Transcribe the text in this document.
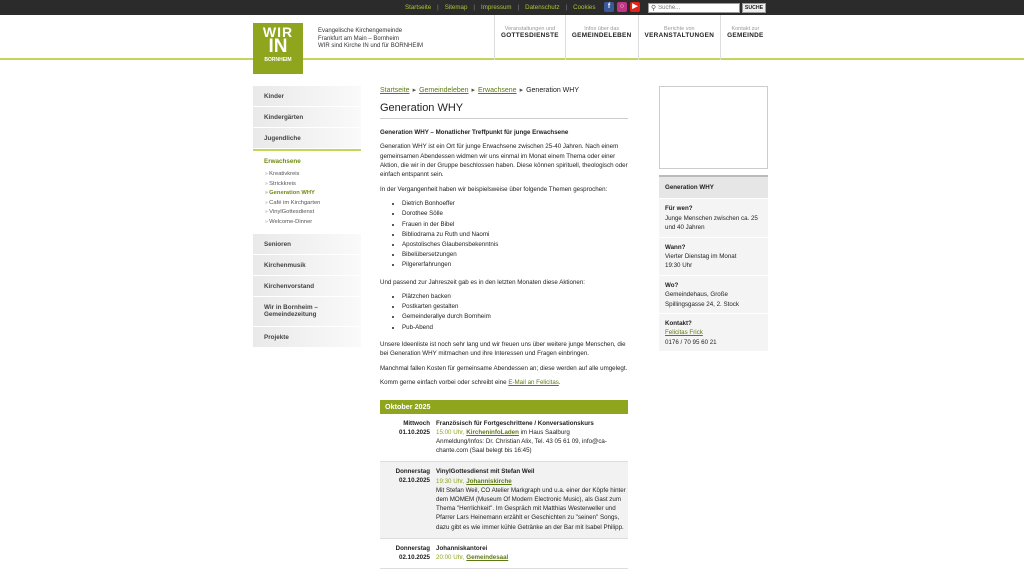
Startseite | Sitemap | Impressum | Datenschutz | Cookies	f	○	▶	⚲
Suche...	SUCHE
WIR
IN
BORNHEIM
Evangelische Kirchengemeinde
Frankfurt am Main – Bornheim
WIR sind Kirche IN und für BORNHEIM
Veranstaltungen und
GOTTESDIENSTE
Infos über das
GEMEINDELEBEN
Berichte von
VERANSTALTUNGEN
Kontakt zur
GEMEINDE
Kinder
Kindergärten
Jugendliche
Erwachsene
» Kreativkreis
» Strickkreis
» Generation WHY
» Café im Kirchgarten
» VinylGottesdienst
» Welcome-Dinner
Senioren
Kirchenmusik
Kirchenvorstand
Wir in Bornheim – Gemeindezeitung
Projekte
Startseite ▸ Gemeindeleben ▸ Erwachsene ▸ Generation WHY
Generation WHY

Generation WHY – Monatlicher Treffpunkt für junge Erwachsene

Generation WHY ist ein Ort für junge Erwachsene zwischen 25-40 Jahren. Nach einem gemeinsamen Abendessen widmen wir uns einmal im Monat einem Thema oder einer Aktion, die wir in der Gruppe beschlossen haben. Diese können spirituell, theologisch oder einfach entspannt sein.

In der Vergangenheit haben wir beispielsweise über folgende Themen gesprochen:

• Dietrich Bonhoeffer
• Dorothee Sölle
• Frauen in der Bibel
• Bibliodrama zu Ruth und Naomi
• Apostolisches Glaubensbekenntnis
• Bibelübersetzungen
• Pilgererfahrungen

Und passend zur Jahreszeit gab es in den letzten Monaten diese Aktionen:

• Plätzchen backen
• Postkarten gestalten
• Gemeinderallye durch Bornheim
• Pub-Abend

Unsere Ideenliste ist noch sehr lang und wir freuen uns über weitere junge Menschen, die bei Generation WHY mitmachen und ihre Interessen und Fragen einbringen.

Manchmal fallen Kosten für gemeinsame Abendessen an; diese werden auf alle umgelegt.

Komm gerne einfach vorbei oder schreibt eine E-Mail an Felicitas.

Oktober 2025
Mittwoch
01.10.2025
Französisch für Fortgeschrittene / Konversationskurs
15:00 Uhr, KircheninfoLaden im Haus Saalburg
Anmeldung/Infos: Dr. Christian Alix, Tel. 43 05 61 09, info@ca-chante.com (Saal belegt bis 16:45)
Donnerstag
02.10.2025
VinylGottesdienst mit Stefan Weil
19:30 Uhr, Johanniskirche
Mit Stefan Weil, CO Atelier Markgraph und u.a. einer der Köpfe hinter dem MOMEM (Museum Of Modern Electronic Music), als Gast zum Thema "Herrlichkeit". Im Gespräch mit Matthias Westerweller und Pfarrer Lars Heinemann erzählt er Geschichten zu "seinen" Songs, dazu gibt es wie immer kühle Getränke an der Bar mit Isabel Philipp.
Donnerstag
02.10.2025
Johanniskantorei
20:00 Uhr, Gemeindesaal
Generation WHY
Für wen?
Junge Menschen zwischen ca. 25 und 40 Jahren
Wann?
Vierter Dienstag im Monat
19:30 Uhr
Wo?
Gemeindehaus, Große Spillingsgasse 24, 2. Stock
Kontakt?
Felicitas Frick
0176 / 70 95 60 21
